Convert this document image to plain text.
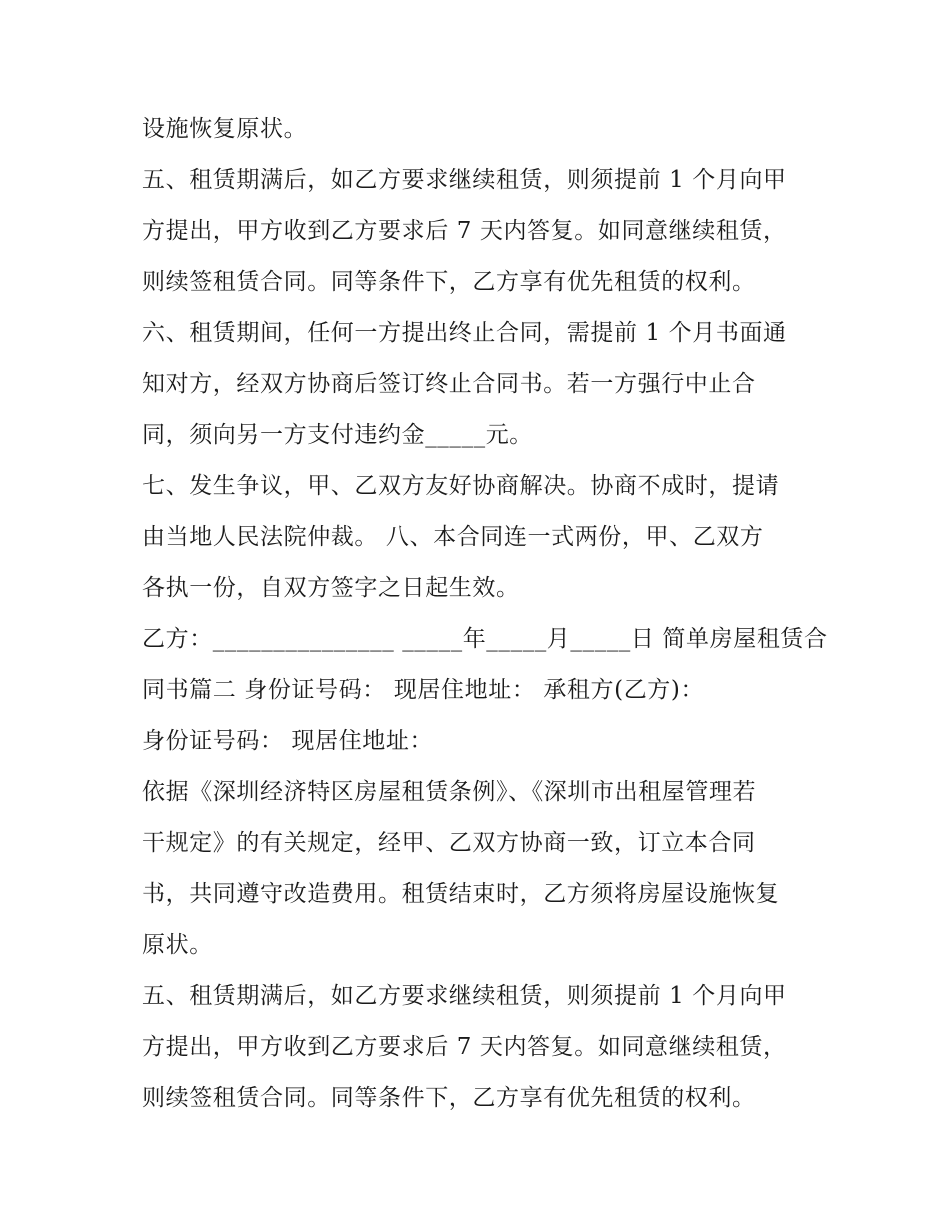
设施恢复原状。
五、租赁期满后，如乙方要求继续租赁，则须提前 1 个月向甲
方提出，甲方收到乙方要求后 7 天内答复。如同意继续租赁，
则续签租赁合同。同等条件下，乙方享有优先租赁的权利。
六、租赁期间，任何一方提出终止合同，需提前 1 个月书面通
知对方，经双方协商后签订终止合同书。若一方强行中止合
同，须向另一方支付违约金_____元。
七、发生争议，甲、乙双方友好协商解决。协商不成时，提请
由当地人民法院仲裁。 八、本合同连一式两份，甲、乙双方
各执一份，自双方签字之日起生效。
乙方：_______________ _____年_____月_____日 简单房屋租赁合
同书篇二 身份证号码： 现居住地址： 承租方(乙方)：
身份证号码： 现居住地址：
依据《深圳经济特区房屋租赁条例》、《深圳市出租屋管理若
干规定》的有关规定，经甲、乙双方协商一致，订立本合同
书，共同遵守改造费用。租赁结束时，乙方须将房屋设施恢复
原状。
五、租赁期满后，如乙方要求继续租赁，则须提前 1 个月向甲
方提出，甲方收到乙方要求后 7 天内答复。如同意继续租赁，
则续签租赁合同。同等条件下，乙方享有优先租赁的权利。
